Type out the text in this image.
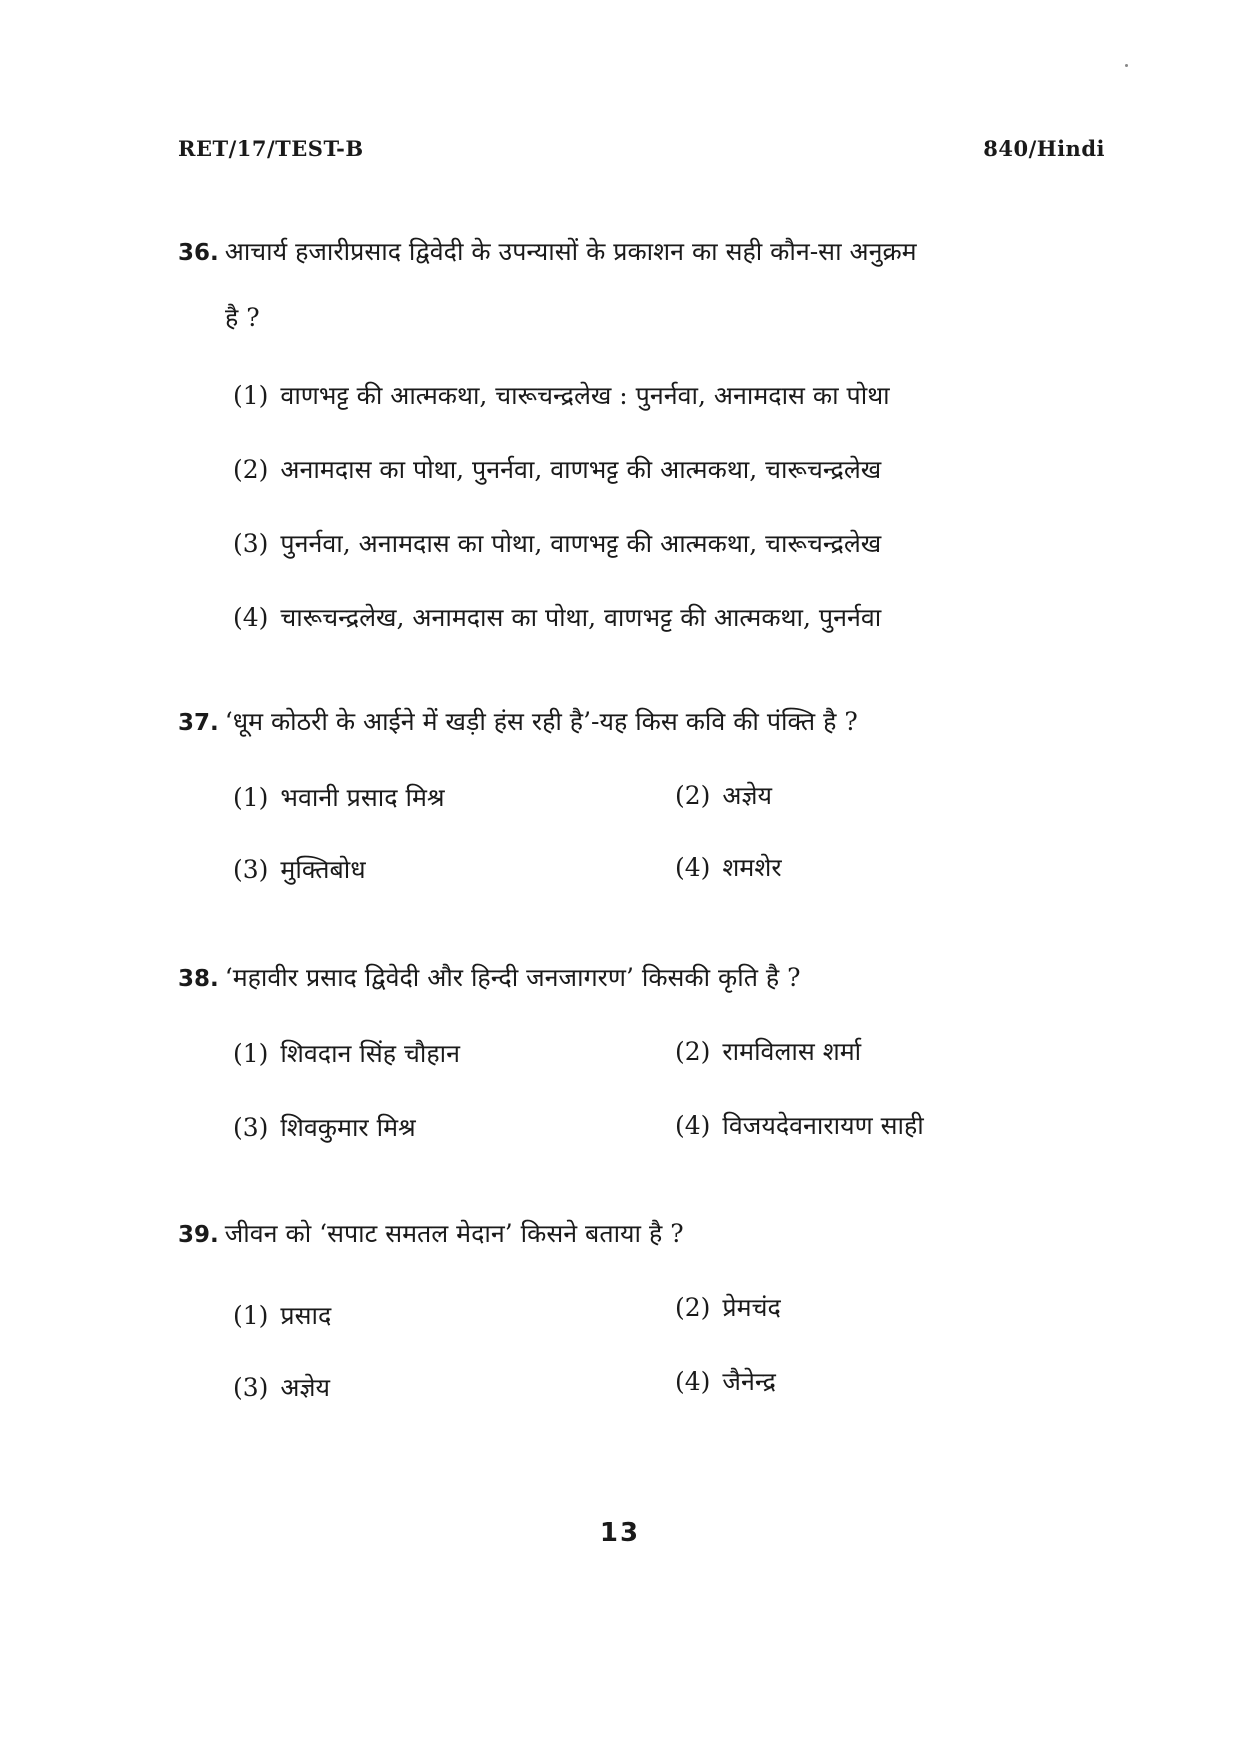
RET/17/TEST-B	840/Hindi
36. आचार्य हजारीप्रसाद द्विवेदी के उपन्यासों के प्रकाशन का सही कौन-सा अनुक्रम
है ?
(1) वाणभट्ट की आत्मकथा, चारूचन्द्रलेख : पुनर्नवा, अनामदास का पोथा
(2) अनामदास का पोथा, पुनर्नवा, वाणभट्ट की आत्मकथा, चारूचन्द्रलेख
(3) पुनर्नवा, अनामदास का पोथा, वाणभट्ट की आत्मकथा, चारूचन्द्रलेख
(4) चारूचन्द्रलेख, अनामदास का पोथा, वाणभट्ट की आत्मकथा, पुनर्नवा
37. ‘धूम कोठरी के आईने में खड़ी हंस रही है’-यह किस कवि की पंक्ति है ?
(1) भवानी प्रसाद मिश्र	(2) अज्ञेय
(3) मुक्तिबोध	(4) शमशेर
38. ‘महावीर प्रसाद द्विवेदी और हिन्दी जनजागरण’ किसकी कृति है ?
(1) शिवदान सिंह चौहान	(2) रामविलास शर्मा
(3) शिवकुमार मिश्र	(4) विजयदेवनारायण साही
39. जीवन को ‘सपाट समतल मेदान’ किसने बताया है ?
(1) प्रसाद	(2) प्रेमचंद
(3) अज्ञेय	(4) जैनेन्द्र
13
